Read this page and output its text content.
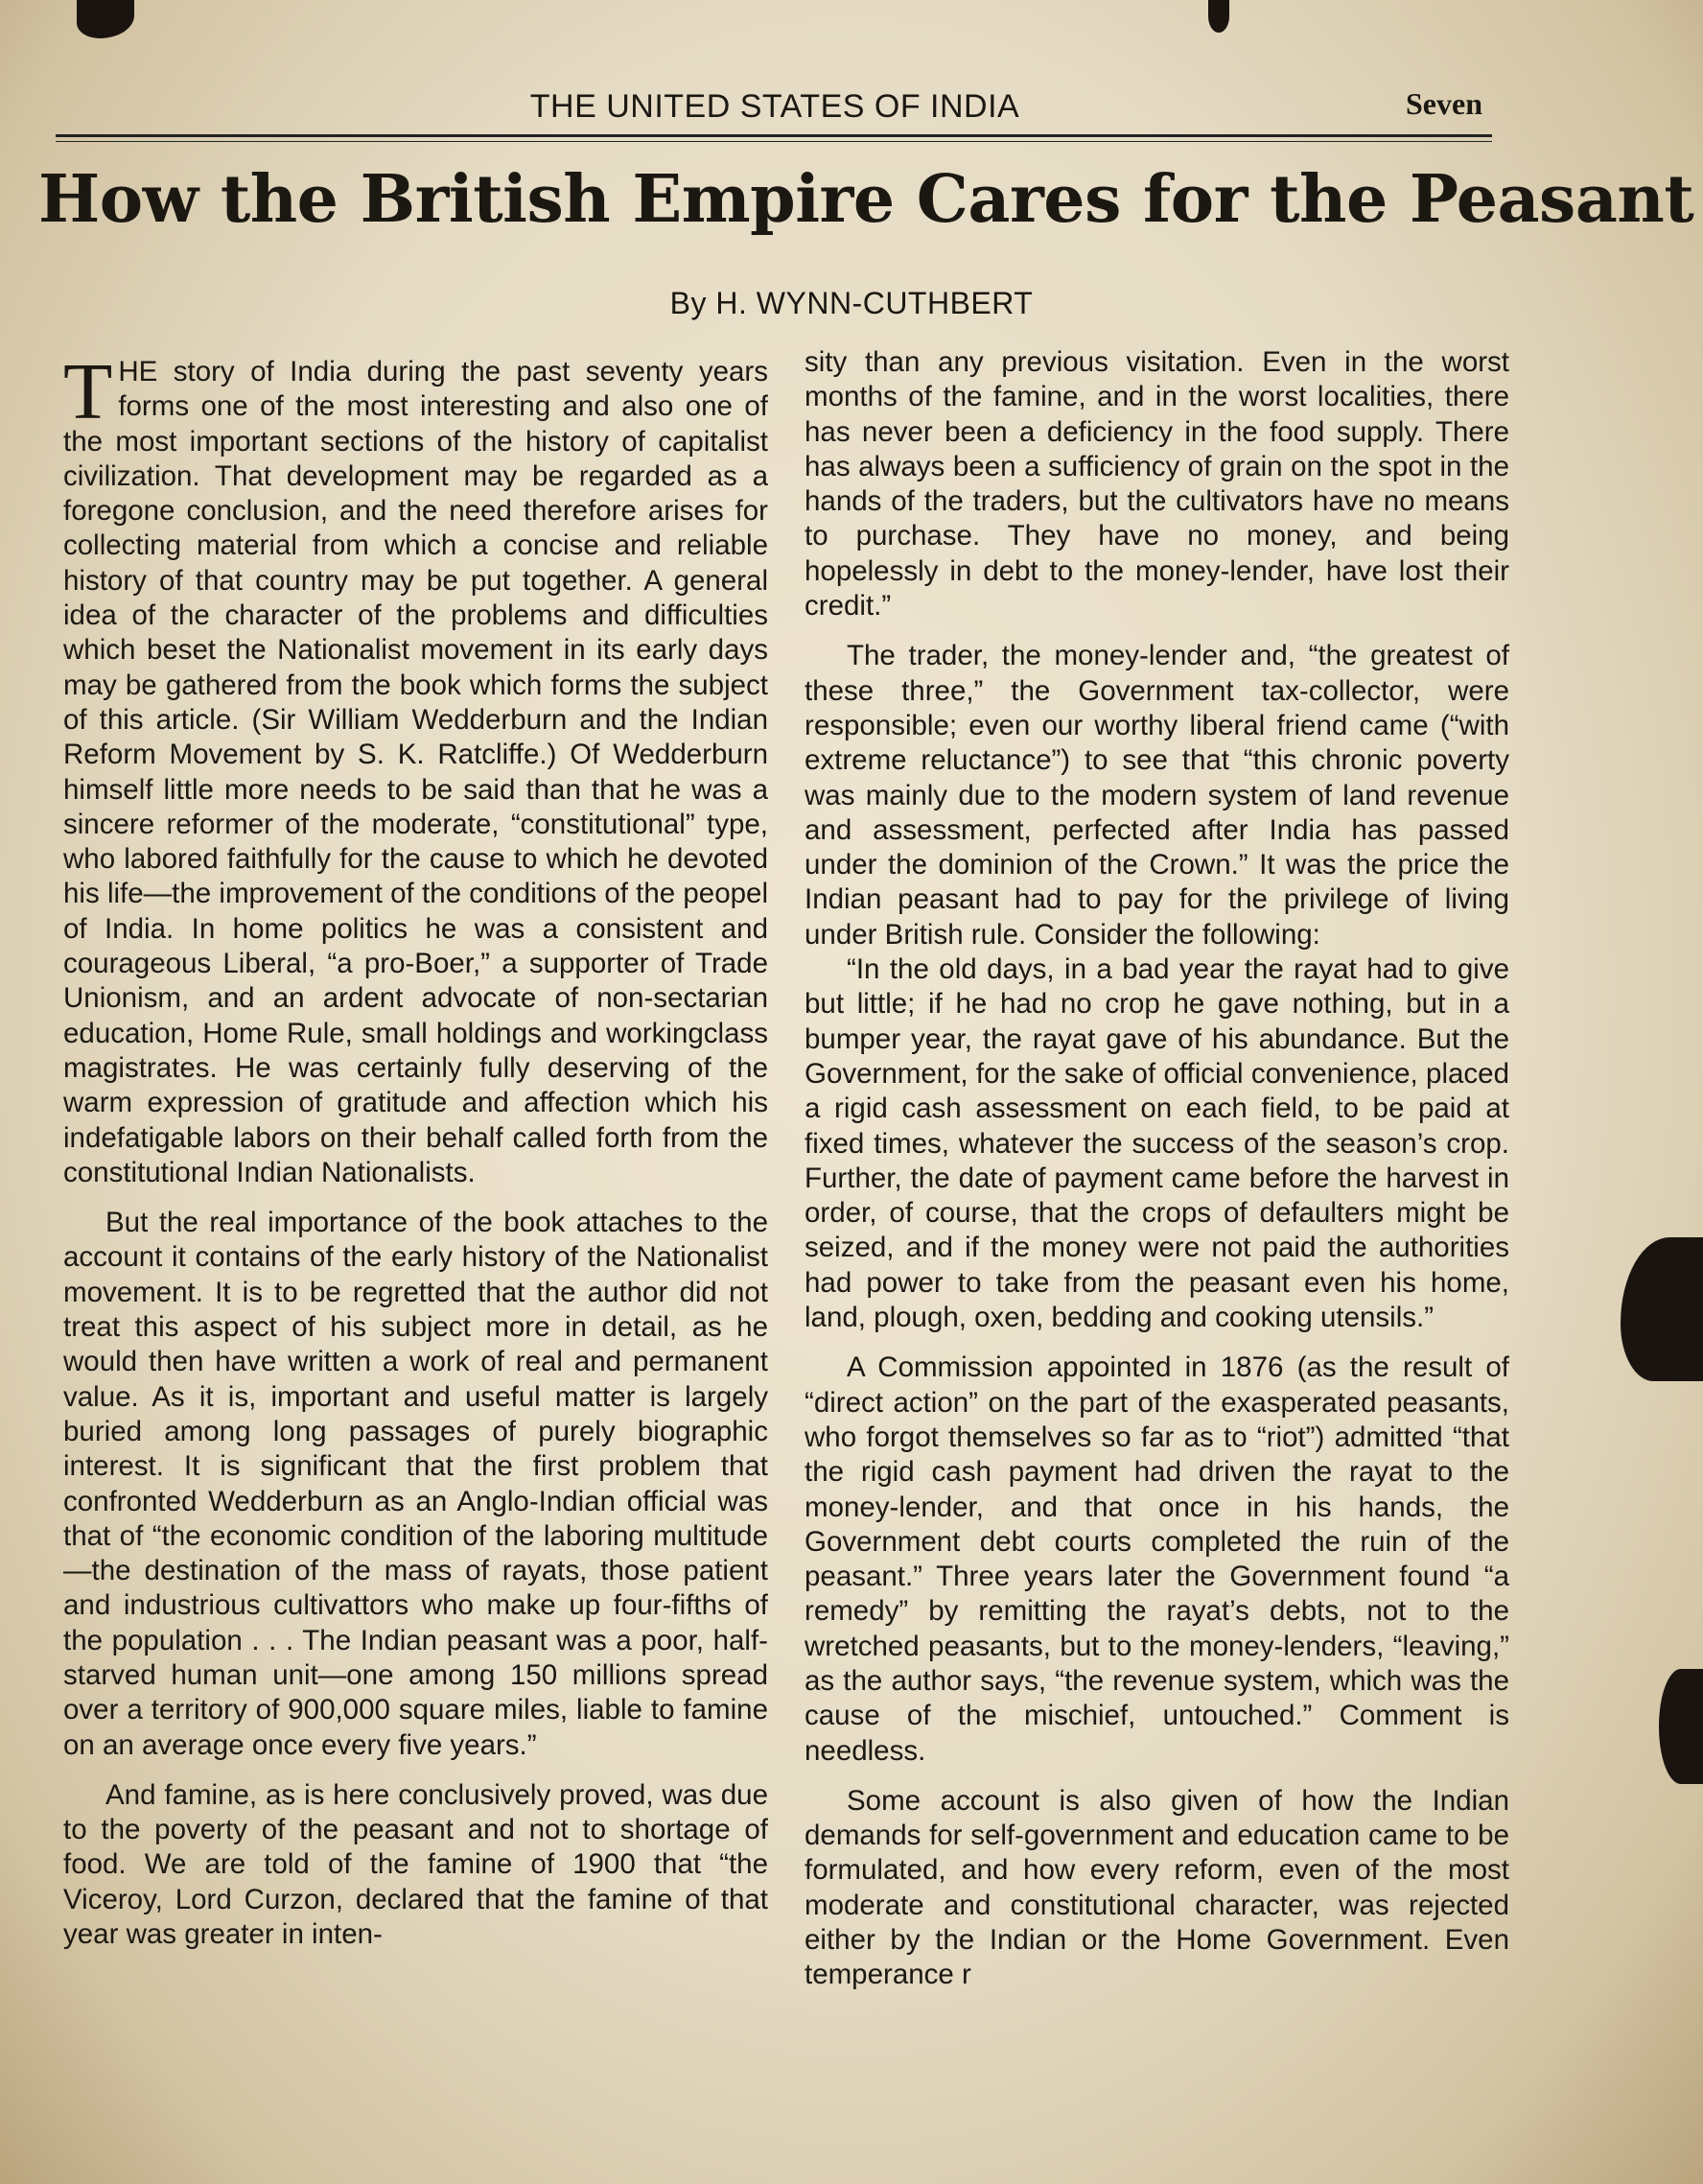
THE UNITED STATES OF INDIA	Seven
How the British Empire Cares for the Peasant
By H. WYNN-CUTHBERT

THE story of India during the past seventy years forms one of the most interesting and also one of the most important sections of the history of capitalist civilization. That development may be regarded as a foregone conclusion, and the need therefore arises for collecting material from which a concise and reliable history of that country may be put together. A general idea of the character of the problems and difficulties which beset the Nationalist movement in its early days may be gathered from the book which forms the subject of this article. (Sir William Wedderburn and the Indian Reform Movement by S. K. Ratcliffe.) Of Wedderburn himself little more needs to be said than that he was a sincere reformer of the moderate, “constitutional” type, who labored faithfully for the cause to which he devoted his life—the improvement of the conditions of the peopel of India. In home politics he was a consistent and courageous Liberal, “a pro-Boer,” a supporter of Trade Unionism, and an ardent advocate of non-sectarian education, Home Rule, small holdings and workingclass magistrates. He was certainly fully deserving of the warm expression of gratitude and affection which his indefatigable labors on their behalf called forth from the constitutional Indian Nationalists.

But the real importance of the book attaches to the account it contains of the early history of the Nationalist movement. It is to be regretted that the author did not treat this aspect of his subject more in detail, as he would then have written a work of real and permanent value. As it is, important and useful matter is largely buried among long passages of purely biographic interest. It is significant that the first problem that confronted Wedderburn as an Anglo-Indian official was that of “the economic condition of the laboring multitude—the destination of the mass of rayats, those patient and industrious cultivattors who make up four-fifths of the population . . . The Indian peasant was a poor, half-starved human unit—one among 150 millions spread over a territory of 900,000 square miles, liable to famine on an average once every five years.”

And famine, as is here conclusively proved, was due to the poverty of the peasant and not to shortage of food. We are told of the famine of 1900 that “the Viceroy, Lord Curzon, declared that the famine of that year was greater in inten-

sity than any previous visitation. Even in the worst months of the famine, and in the worst localities, there has never been a deficiency in the food supply. There has always been a sufficiency of grain on the spot in the hands of the traders, but the cultivators have no means to purchase. They have no money, and being hopelessly in debt to the money-lender, have lost their credit.”

The trader, the money-lender and, “the greatest of these three,” the Government tax-collector, were responsible; even our worthy liberal friend came (“with extreme reluctance”) to see that “this chronic poverty was mainly due to the modern system of land revenue and assessment, perfected after India has passed under the dominion of the Crown.” It was the price the Indian peasant had to pay for the privilege of living under British rule. Consider the following:

“In the old days, in a bad year the rayat had to give but little; if he had no crop he gave nothing, but in a bumper year, the rayat gave of his abundance. But the Government, for the sake of official convenience, placed a rigid cash assessment on each field, to be paid at fixed times, whatever the success of the season’s crop. Further, the date of payment came before the harvest in order, of course, that the crops of defaulters might be seized, and if the money were not paid the authorities had power to take from the peasant even his home, land, plough, oxen, bedding and cooking utensils.”

A Commission appointed in 1876 (as the result of “direct action” on the part of the exasperated peasants, who forgot themselves so far as to “riot”) admitted “that the rigid cash payment had driven the rayat to the money-lender, and that once in his hands, the Government debt courts completed the ruin of the peasant.” Three years later the Government found “a remedy” by remitting the rayat’s debts, not to the wretched peasants, but to the money-lenders, “leaving,” as the author says, “the revenue system, which was the cause of the mischief, untouched.” Comment is needless.

Some account is also given of how the Indian demands for self-government and education came to be formulated, and how every reform, even of the most moderate and constitutional character, was rejected either by the Indian or the Home Government. Even temperance r
